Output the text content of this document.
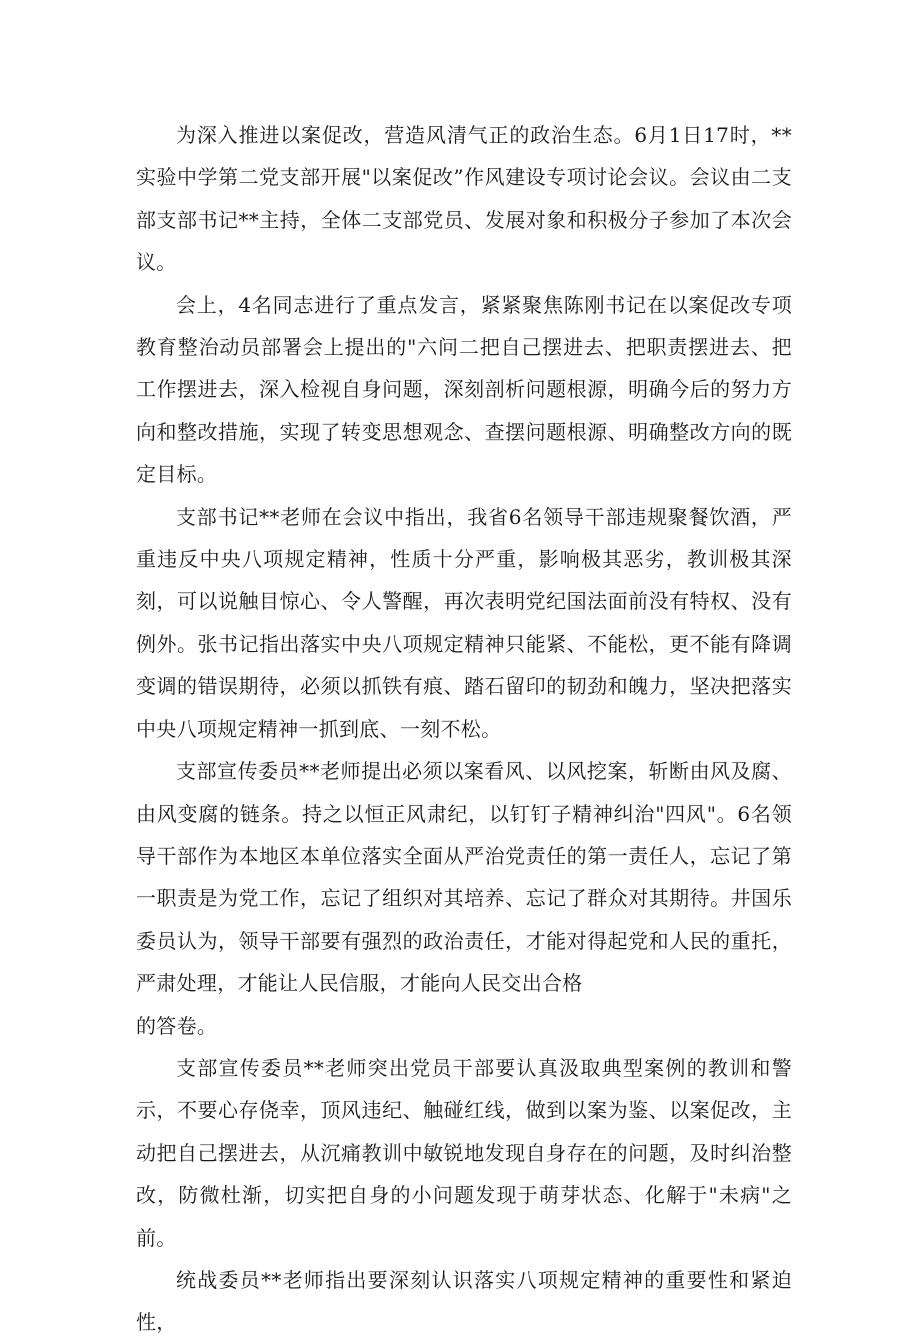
为深入推进以案促改，营造风清气正的政治生态。6月1日17时，**实验中学第二党支部开展"以案促改”作风建设专项讨论会议。会议由二支部支部书记**主持，全体二支部党员、发展对象和积极分子参加了本次会议。

会上，4名同志进行了重点发言，紧紧聚焦陈刚书记在以案促改专项教育整治动员部署会上提出的"六问二把自己摆进去、把职责摆进去、把工作摆进去，深入检视自身问题，深刻剖析问题根源，明确今后的努力方向和整改措施，实现了转变思想观念、查摆问题根源、明确整改方向的既定目标。

支部书记**老师在会议中指出，我省6名领导干部违规聚餐饮酒，严重违反中央八项规定精神，性质十分严重，影响极其恶劣，教训极其深刻，可以说触目惊心、令人警醒，再次表明党纪国法面前没有特权、没有例外。张书记指出落实中央八项规定精神只能紧、不能松，更不能有降调变调的错误期待，必须以抓铁有痕、踏石留印的韧劲和魄力，坚决把落实中央八项规定精神一抓到底、一刻不松。

支部宣传委员**老师提出必须以案看风、以风挖案，斩断由风及腐、由风变腐的链条。持之以恒正风肃纪，以钉钉子精神纠治"四风"。6名领导干部作为本地区本单位落实全面从严治党责任的第一责任人，忘记了第一职责是为党工作，忘记了组织对其培养、忘记了群众对其期待。井国乐委员认为，领导干部要有强烈的政治责任，才能对得起党和人民的重托，严肃处理，才能让人民信服，才能向人民交出合格

的答卷。

支部宣传委员**老师突出党员干部要认真汲取典型案例的教训和警示，不要心存侥幸，顶风违纪、触碰红线，做到以案为鉴、以案促改，主动把自己摆进去，从沉痛教训中敏锐地发现自身存在的问题，及时纠治整改，防微杜渐，切实把自身的小问题发现于萌芽状态、化解于"未病"之前。

统战委员**老师指出要深刻认识落实八项规定精神的重要性和紧迫性，
